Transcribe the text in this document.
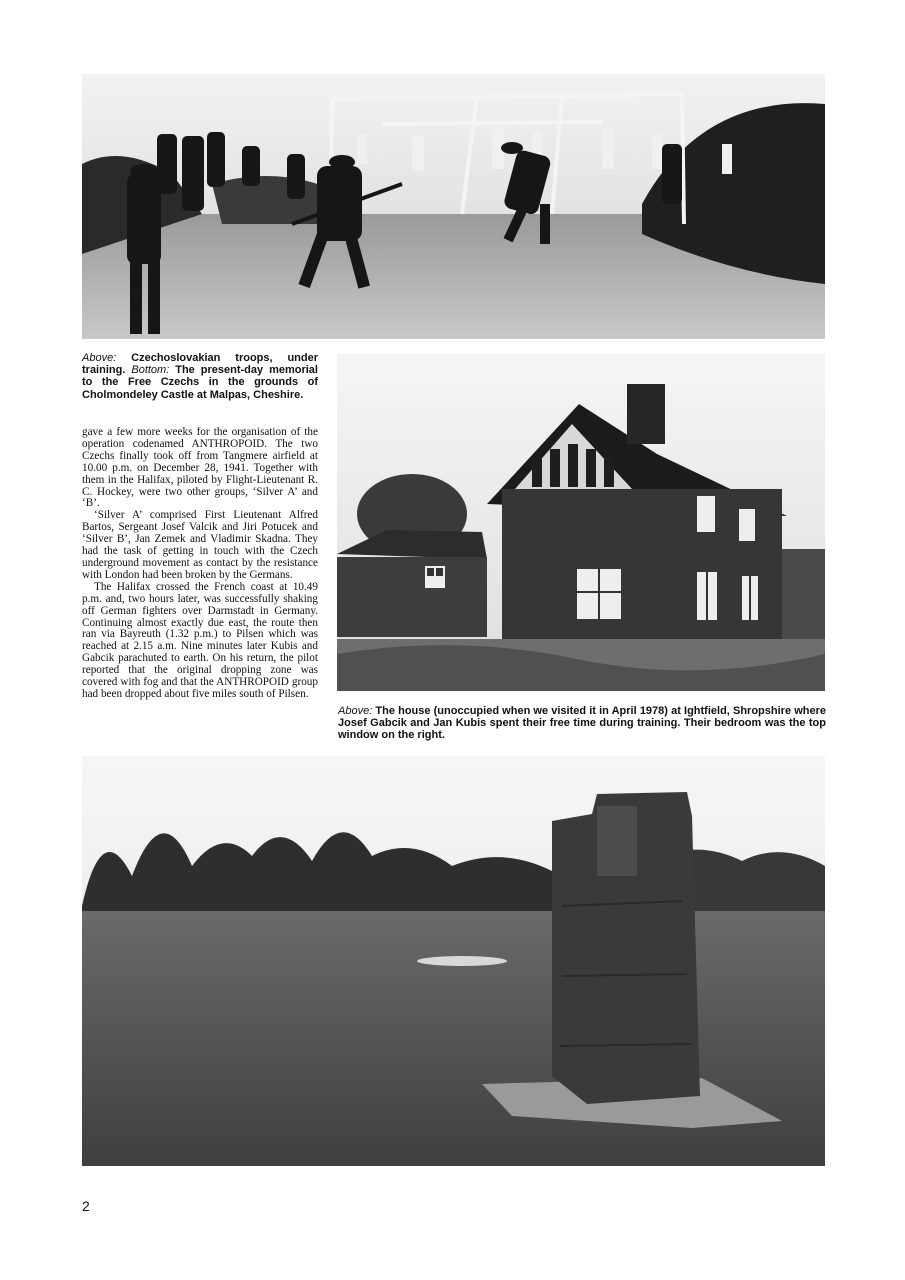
Above: Czechoslovakian troops, under training. Bottom: The present-day memorial to the Free Czechs in the grounds of Cholmondeley Castle at Malpas, Cheshire.

gave a few more weeks for the organisation of the operation codenamed ANTHROPOID. The two Czechs finally took off from Tangmere airfield at 10.00 p.m. on December 28, 1941. Together with them in the Halifax, piloted by Flight-Lieutenant R. C. Hockey, were two other groups, ‘Silver A’ and ‘B’.

‘Silver A’ comprised First Lieutenant Alfred Bartos, Sergeant Josef Valcik and Jiri Potucek and ‘Silver B’, Jan Zemek and Vladimir Skadna. They had the task of getting in touch with the Czech underground movement as contact by the resistance with London had been broken by the Germans.

The Halifax crossed the French coast at 10.49 p.m. and, two hours later, was successfully shaking off German fighters over Darmstadt in Germany. Continuing almost exactly due east, the route then ran via Bayreuth (1.32 p.m.) to Pilsen which was reached at 2.15 a.m. Nine minutes later Kubis and Gabcik parachuted to earth. On his return, the pilot reported that the original dropping zone was covered with fog and that the ANTHROPOID group had been dropped about five miles south of Pilsen.

Above: The house (unoccupied when we visited it in April 1978) at Ightfield, Shropshire where Josef Gabcik and Jan Kubis spent their free time during training. Their bedroom was the top window on the right.
2
